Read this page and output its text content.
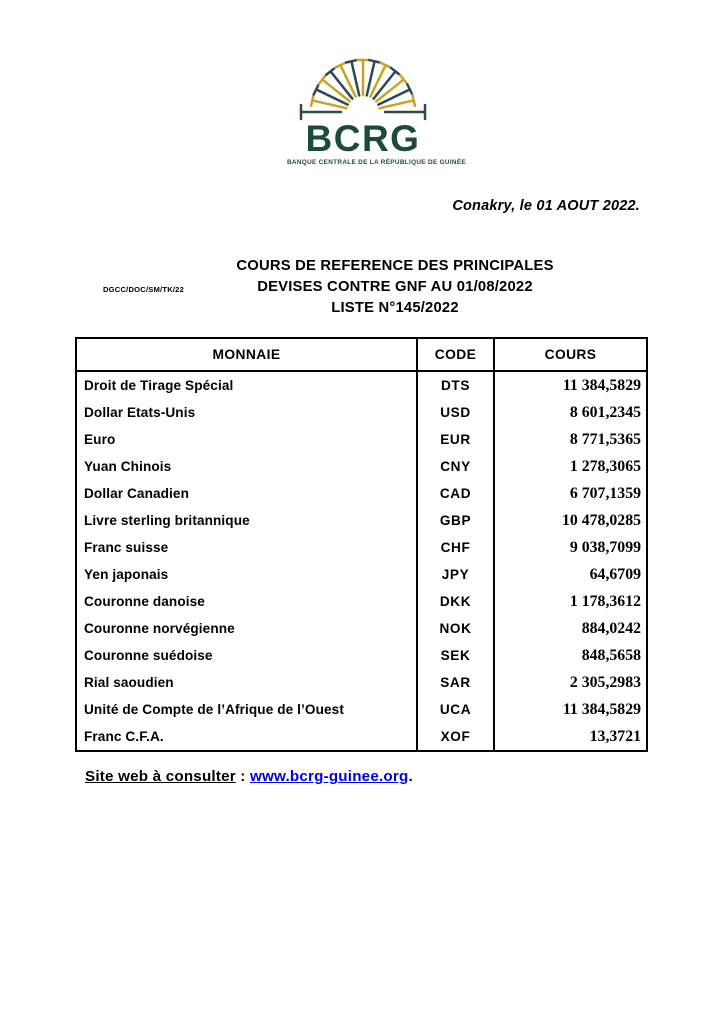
BCRG
BANQUE CENTRALE DE LA RÉPUBLIQUE DE GUINÉE
Conakry, le 01 AOUT 2022.
DGCC/DOC/SM/TK/22
COURS DE REFERENCE DES PRINCIPALES
DEVISES CONTRE GNF AU 01/08/2022
LISTE N°145/2022
MONNAIE	CODE	COURS
Droit de Tirage Spécial	DTS	11 384,5829
Dollar Etats-Unis	USD	8 601,2345
Euro	EUR	8 771,5365
Yuan Chinois	CNY	1 278,3065
Dollar Canadien	CAD	6 707,1359
Livre sterling britannique	GBP	10 478,0285
Franc suisse	CHF	9 038,7099
Yen japonais	JPY	64,6709
Couronne danoise	DKK	1 178,3612
Couronne norvégienne	NOK	884,0242
Couronne suédoise	SEK	848,5658
Rial saoudien	SAR	2 305,2983
Unité de Compte de l’Afrique de l’Ouest	UCA	11 384,5829
Franc C.F.A.	XOF	13,3721
Site web à consulter : www.bcrg-guinee.org.
